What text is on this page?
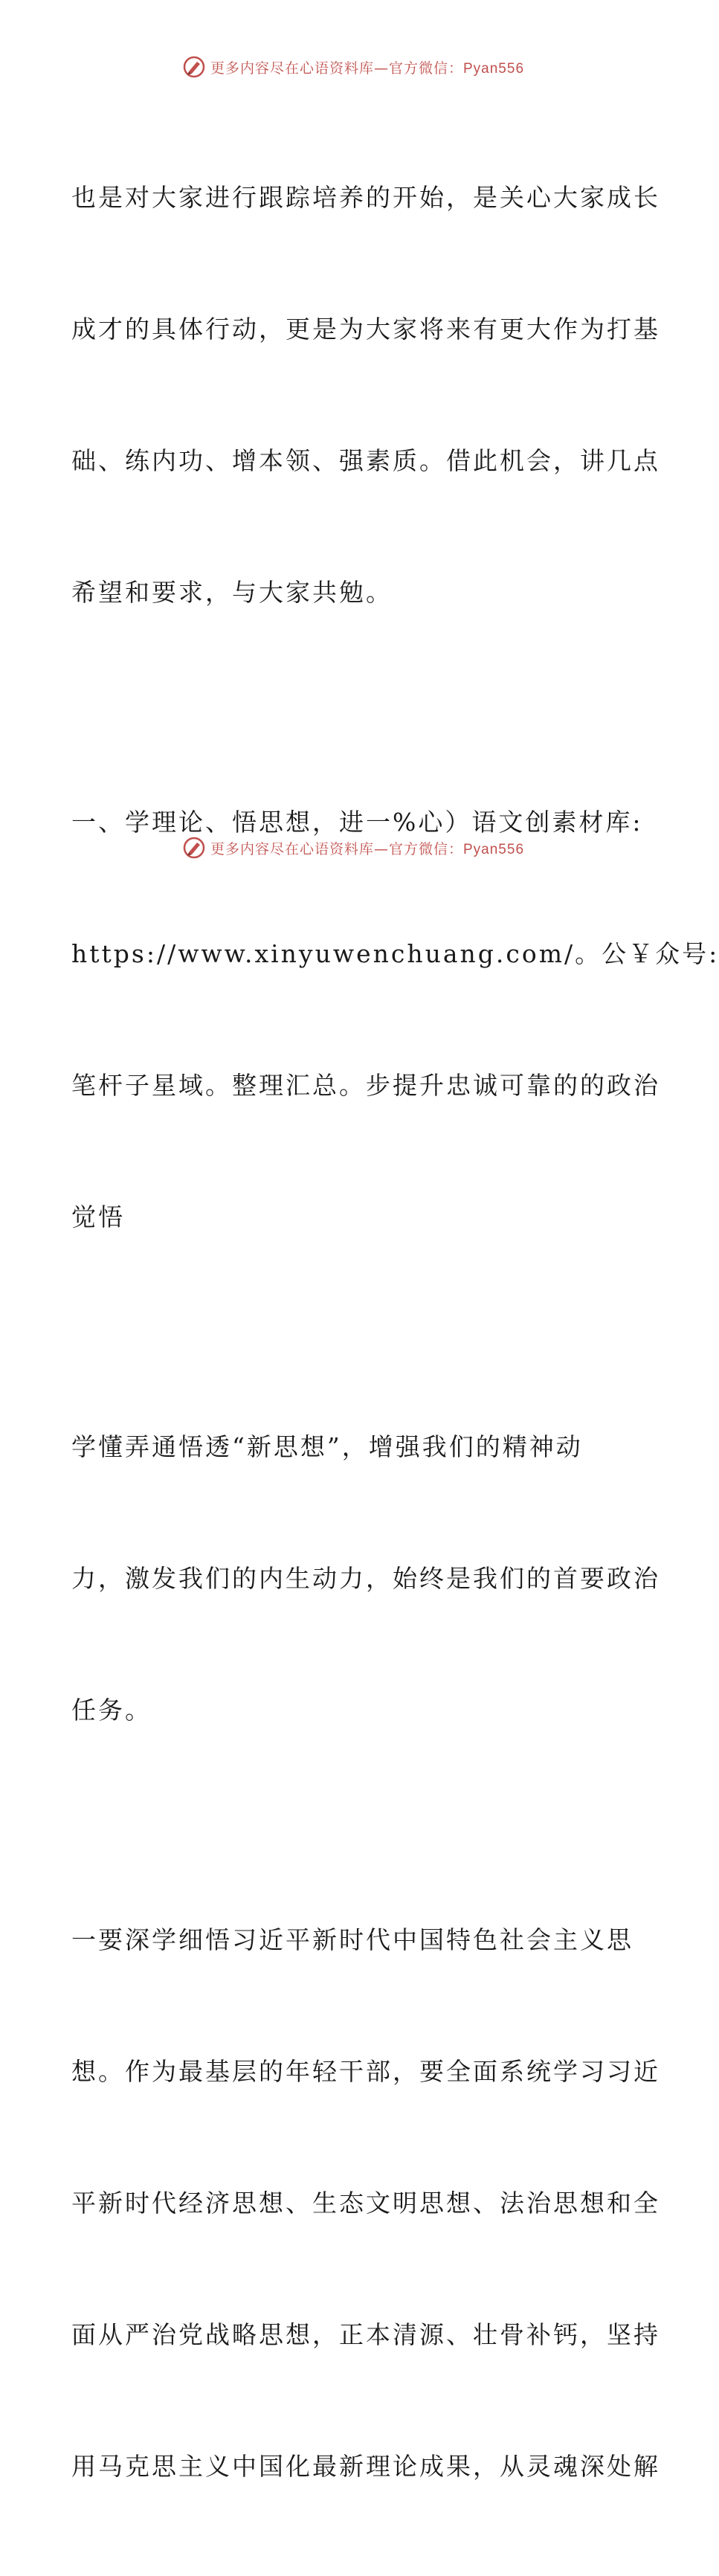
更多内容尽在心语资料库—官方微信：Pyan556

也是对大家进行跟踪培养的开始，是关心大家成长

成才的具体行动，更是为大家将来有更大作为打基

础、练内功、增本领、强素质。借此机会，讲几点

希望和要求，与大家共勉。

一、学理论、悟思想，进一%心）语文创素材库:

https://www.xinyuwenchuang.com/。公￥众号:

笔杆子星域。整理汇总。步提升忠诚可靠的的政治

觉悟

学懂弄通悟透“新思想”，增强我们的精神动

力，激发我们的内生动力，始终是我们的首要政治

任务。

一要深学细悟习近平新时代中国特色社会主义思

想。作为最基层的年轻干部，要全面系统学习习近

平新时代经济思想、生态文明思想、法治思想和全

面从严治党战略思想，正本清源、壮骨补钙，坚持

用马克思主义中国化最新理论成果，从灵魂深处解

更多内容尽在心语资料库—官方微信：Pyan556
